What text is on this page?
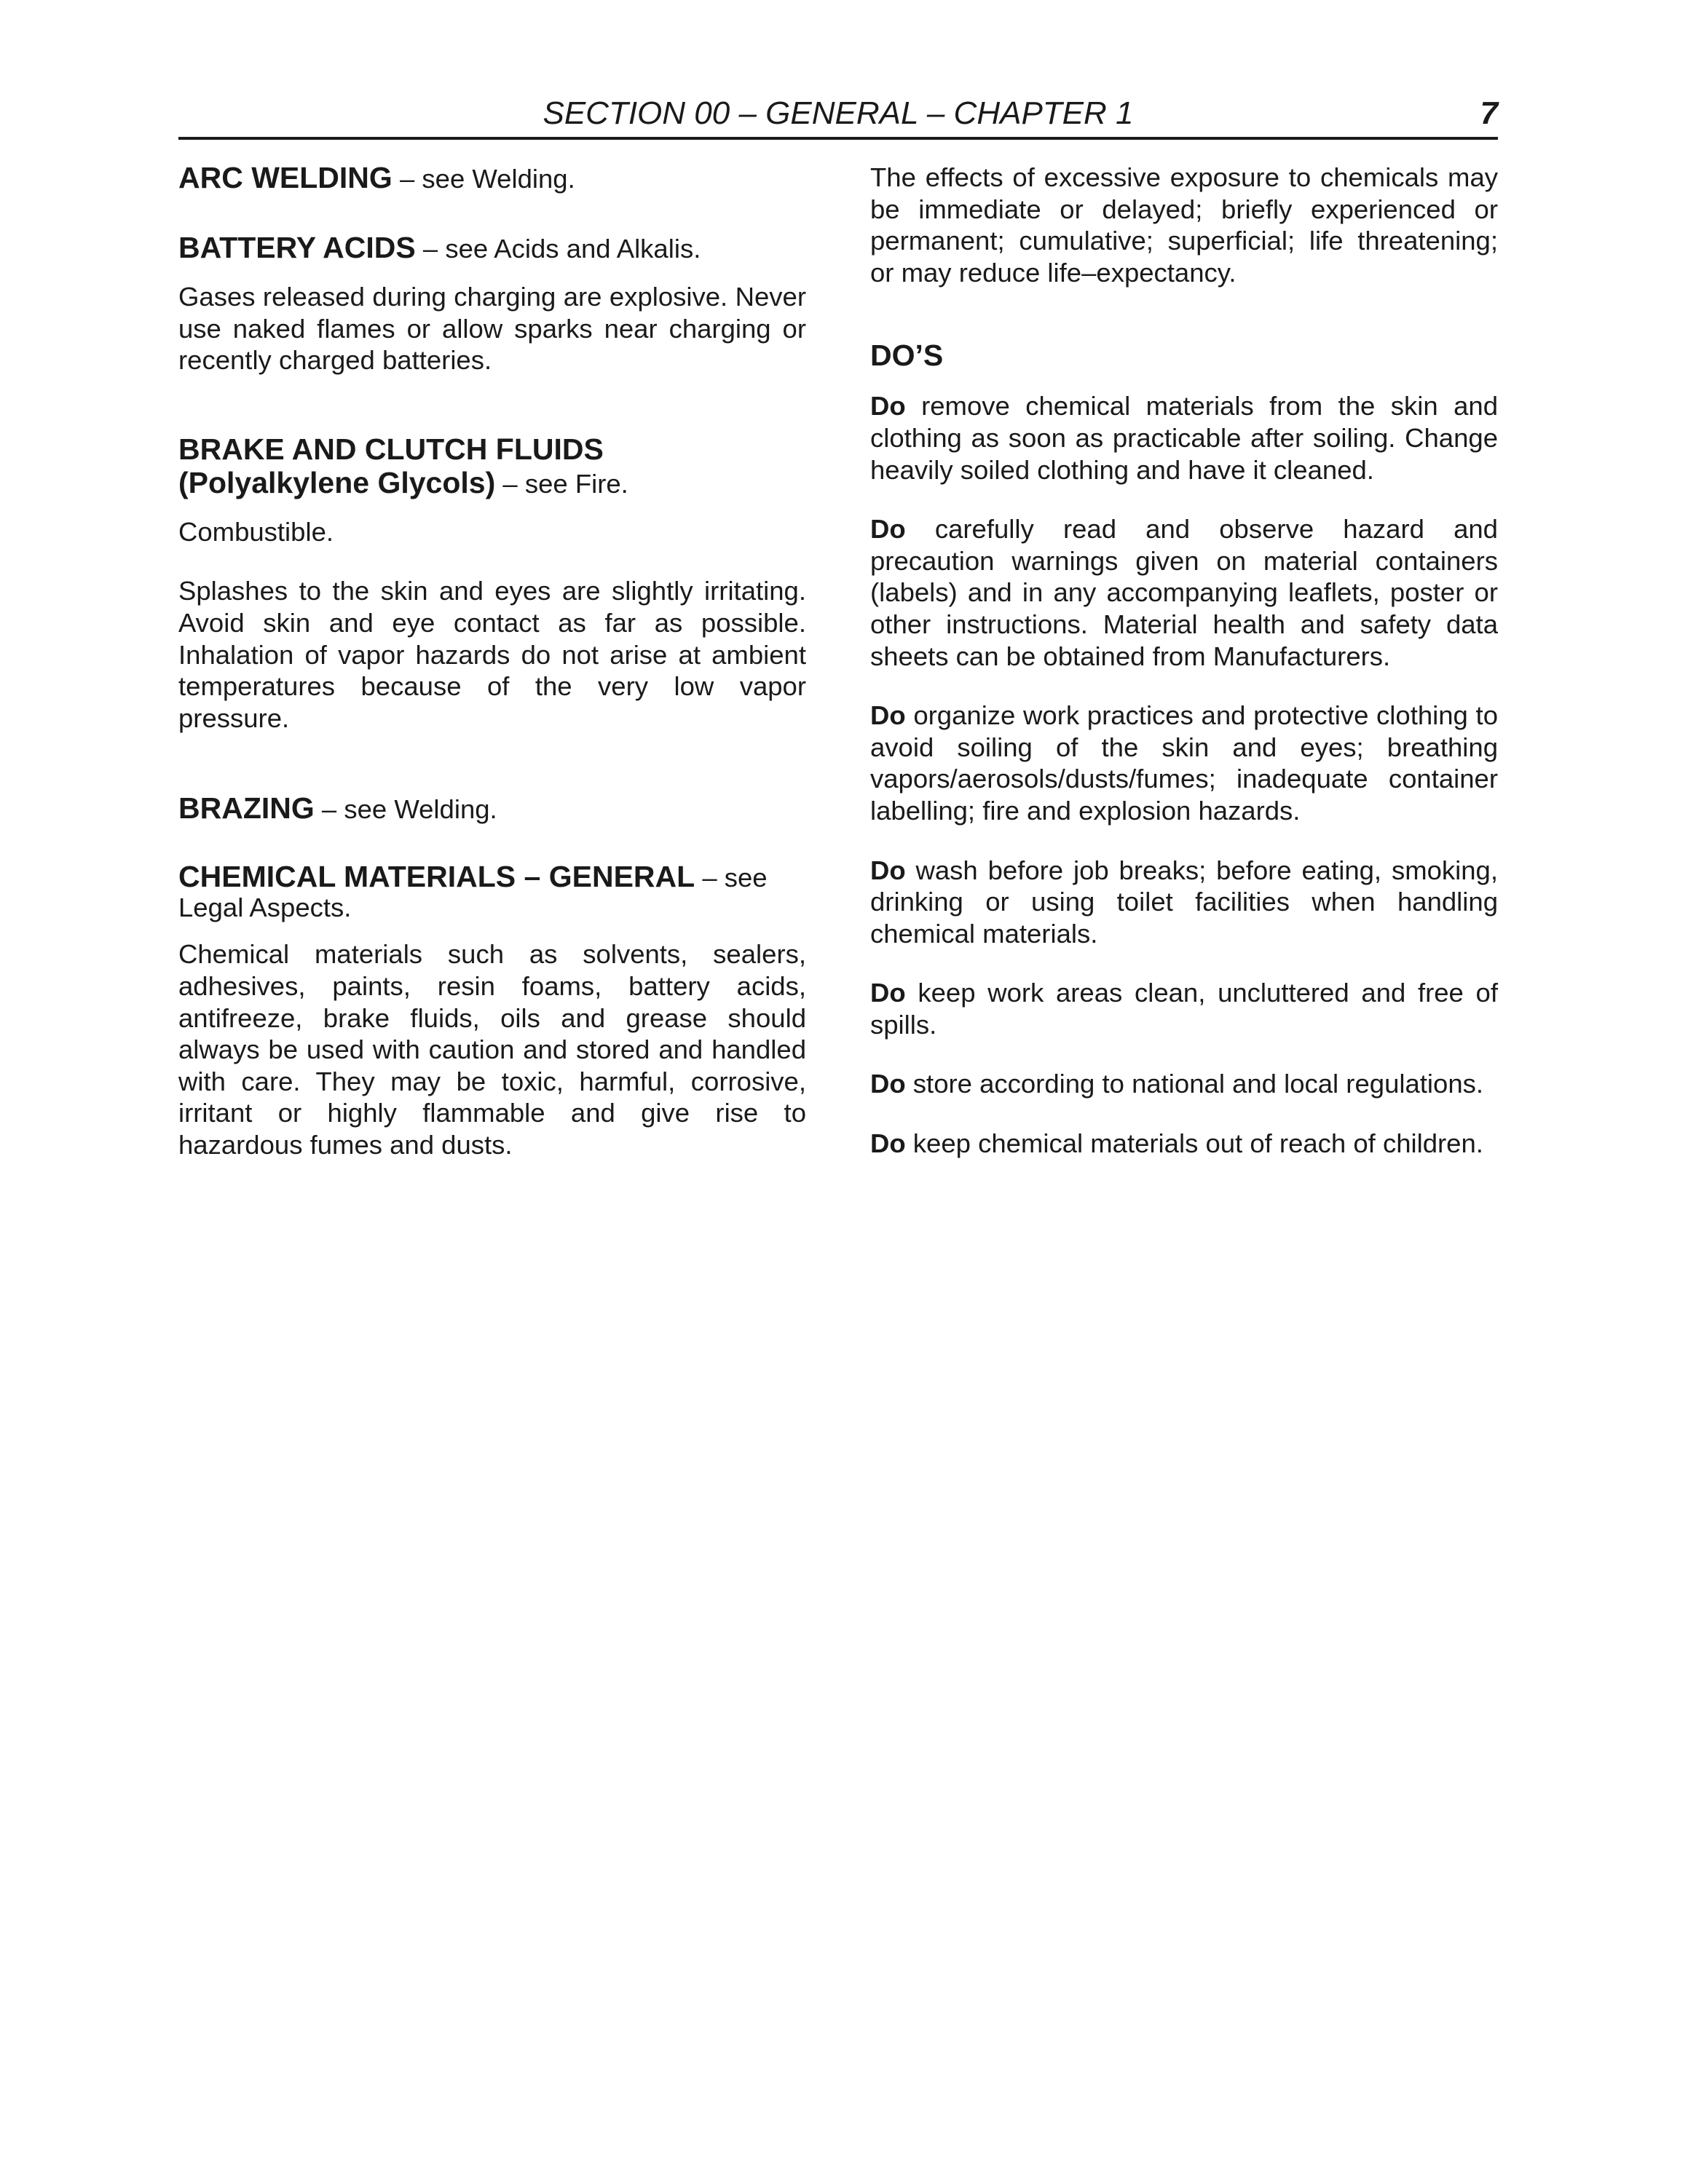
SECTION 00 – GENERAL – CHAPTER 1	7

ARC WELDING – see Welding.

BATTERY ACIDS – see Acids and Alkalis.

Gases released during charging are explosive. Never use naked flames or allow sparks near charging or recently charged batteries.

BRAKE AND CLUTCH FLUIDS
(Polyalkylene Glycols) – see Fire.

Combustible.

Splashes to the skin and eyes are slightly irritating. Avoid skin and eye contact as far as possible. Inhalation of vapor hazards do not arise at ambient temperatures because of the very low vapor pressure.

BRAZING – see Welding.

CHEMICAL MATERIALS – GENERAL – see Legal Aspects.

Chemical materials such as solvents, sealers, adhesives, paints, resin foams, battery acids, antifreeze, brake fluids, oils and grease should always be used with caution and stored and handled with care. They may be toxic, harmful, corrosive, irritant or highly flammable and give rise to hazardous fumes and dusts.

The effects of excessive exposure to chemicals may be immediate or delayed; briefly experienced or permanent; cumulative; superficial; life threatening; or may reduce life–expectancy.

DO’S

Do remove chemical materials from the skin and clothing as soon as practicable after soiling. Change heavily soiled clothing and have it cleaned.

Do carefully read and observe hazard and precaution warnings given on material containers (labels) and in any accompanying leaflets, poster or other instructions. Material health and safety data sheets can be obtained from Manufacturers.

Do organize work practices and protective clothing to avoid soiling of the skin and eyes; breathing vapors/aerosols/dusts/fumes; inadequate container labelling; fire and explosion hazards.

Do wash before job breaks; before eating, smoking, drinking or using toilet facilities when handling chemical materials.

Do keep work areas clean, uncluttered and free of spills.

Do store according to national and local regulations.

Do keep chemical materials out of reach of children.
